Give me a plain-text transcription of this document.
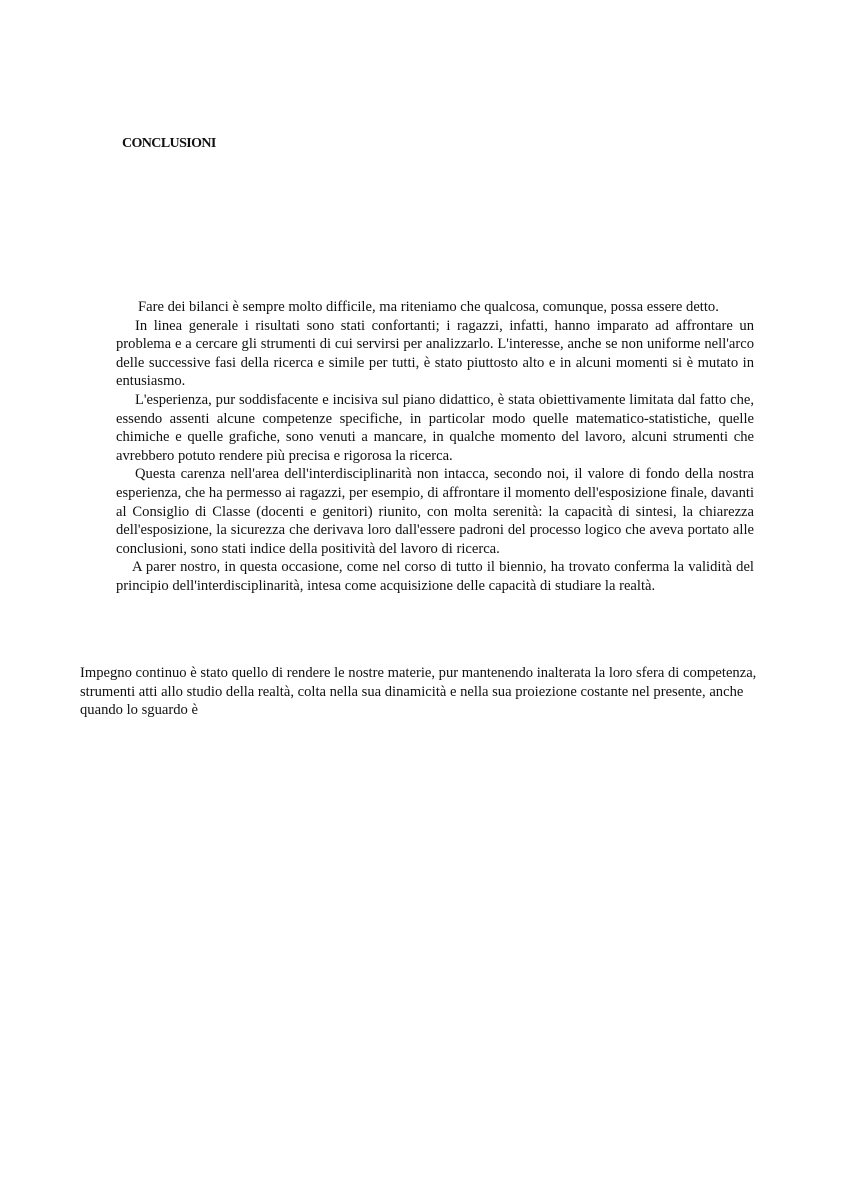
CONCLUSIONI

Fare dei bilanci è sempre molto difficile, ma riteniamo che qualcosa, comunque, possa essere detto.

In linea generale i risultati sono stati confortanti; i ragazzi, infatti, hanno imparato ad affrontare un problema e a cercare gli strumenti di cui servirsi per analizzarlo. L'interesse, anche se non uniforme nell'arco delle successive fasi della ricerca e simile per tutti, è stato piuttosto alto e in alcuni momenti si è mutato in entusiasmo.

L'esperienza, pur soddisfacente e incisiva sul piano didattico, è stata obiettivamente limitata dal fatto che, essendo assenti alcune competenze specifiche, in particolar modo quelle matematico-statistiche, quelle chimiche e quelle grafiche, sono venuti a mancare, in qualche momento del lavoro, alcuni strumenti che avrebbero potuto rendere più precisa e rigorosa la ricerca.

Questa carenza nell'area dell'interdisciplinarità non intacca, secondo noi, il valore di fondo della nostra esperienza, che ha permesso ai ragazzi, per esempio, di affrontare il momento dell'esposizione finale, davanti al Consiglio di Classe (docenti e genitori) riunito, con molta serenità: la capacità di sintesi, la chiarezza dell'esposizione, la sicurezza che derivava loro dall'essere padroni del processo logico che aveva portato alle conclusioni, sono stati indice della positività del lavoro di ricerca.

A parer nostro, in questa occasione, come nel corso di tutto il biennio, ha trovato conferma la validità del principio dell'interdisciplinarità, intesa come acquisizione delle capacità di studiare la realtà.

Impegno continuo è stato quello di rendere le nostre materie, pur mantenendo inalterata la loro sfera di competenza, strumenti atti allo studio della realtà, colta nella sua dinamicità e nella sua proiezione costante nel presente, anche quando lo sguardo è
